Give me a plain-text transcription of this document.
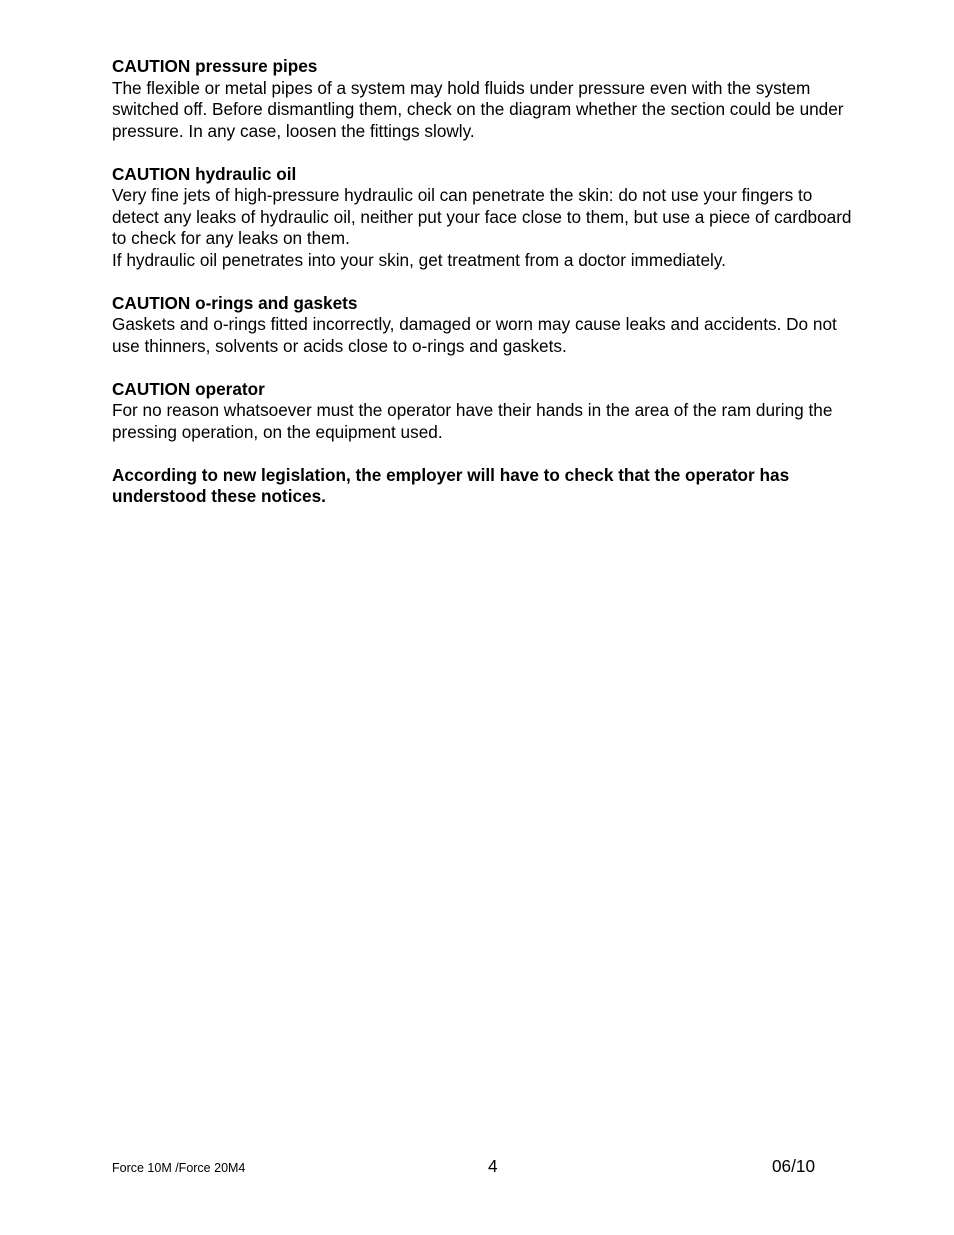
CAUTION pressure pipes
The flexible or metal pipes of a system may hold fluids under pressure even with the system switched off. Before dismantling them, check on the diagram whether the section could be under pressure. In any case, loosen the fittings slowly.
CAUTION hydraulic oil
Very fine jets of high-pressure hydraulic oil can penetrate the skin: do not use your fingers to detect any leaks of hydraulic oil, neither put your face close to them, but use a piece of cardboard to check for any leaks on them.
If hydraulic oil penetrates into your skin, get treatment from a doctor immediately.
CAUTION o-rings and gaskets
Gaskets and o-rings fitted incorrectly, damaged or worn may cause leaks and accidents. Do not use thinners, solvents or acids close to o-rings and gaskets.
CAUTION operator
For no reason whatsoever must the operator have their hands in the area of the ram during the pressing operation, on the equipment used.
According to new legislation, the employer will have to check that the operator has understood these notices.
Force 10M /Force 20M4	4	06/10
